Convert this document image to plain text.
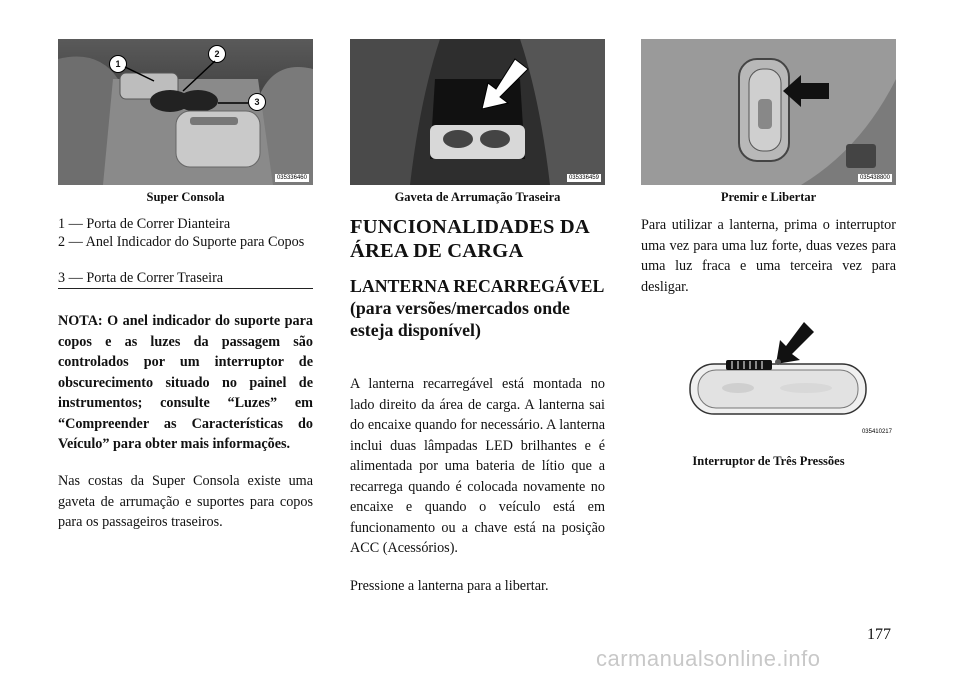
1
2
3
035336460
Super Consola
035336459
Gaveta de Arrumação Traseira
035438800
Premir e Libertar
1 — Porta de Correr Dianteira
2 — Anel Indicador do Suporte para Copos
3 — Porta de Correr Traseira

NOTA: O anel indicador do suporte para copos e as luzes da passagem são controlados por um interruptor de obscurecimento situado no painel de instrumentos; consulte “Luzes” em “Compreender as Características do Veículo” para obter mais informações.

Nas costas da Super Consola existe uma gaveta de arrumação e suportes para copos para os passageiros traseiros.

FUNCIONALIDADES DA ÁREA DE CARGA
LANTERNA RECARREGÁVEL (para versões/mercados onde esteja disponível)

A lanterna recarregável está montada no lado direito da área de carga. A lanterna sai do encaixe quando for necessário. A lanterna inclui duas lâmpadas LED brilhantes e é alimentada por uma bateria de lítio que a recarrega quando é colocada novamente no encaixe e quando o veículo está em funcionamento ou a chave está na posição ACC (Acessórios).

Pressione a lanterna para a libertar.

Para utilizar a lanterna, prima o interruptor uma vez para uma luz forte, duas vezes para uma luz fraca e uma terceira vez para desligar.

035410217
Interruptor de Três Pressões
177
carmanualsonline.info
